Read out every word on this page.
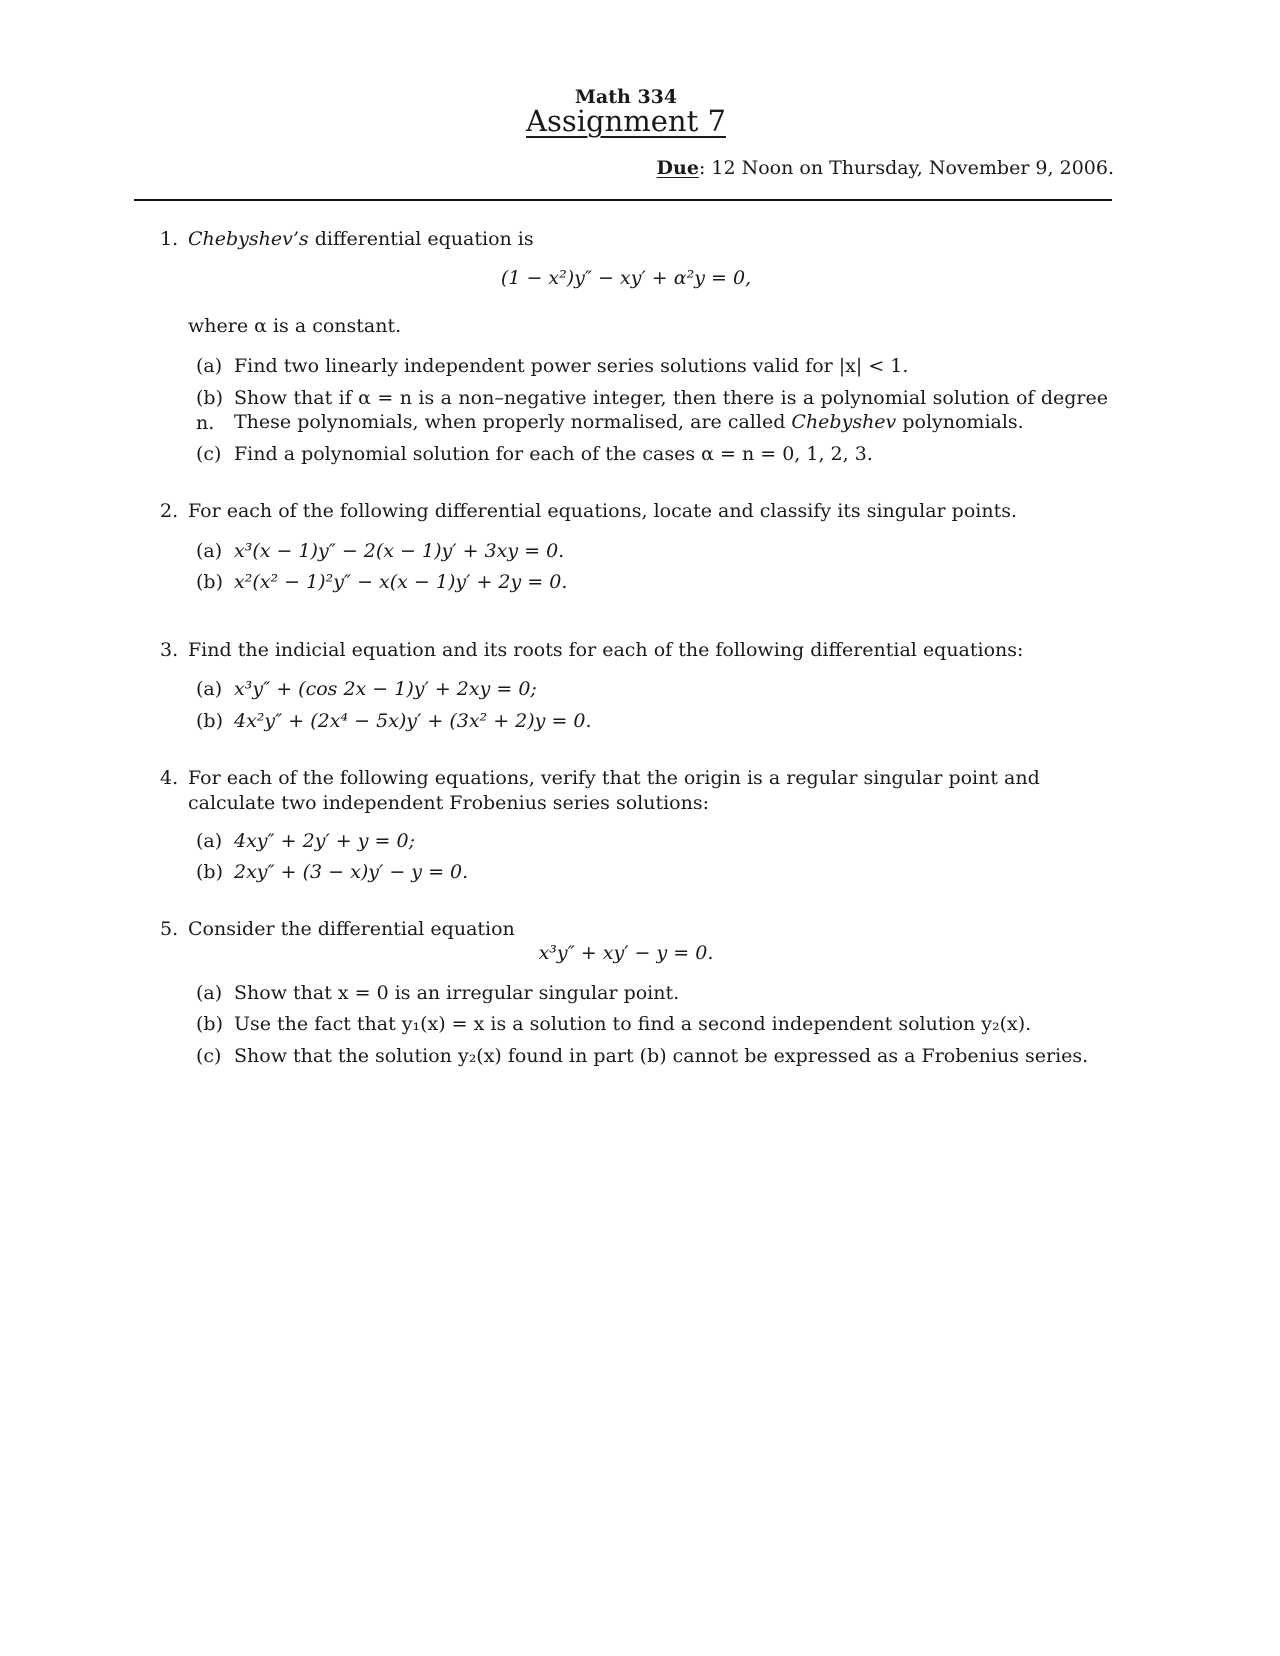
Math 334
Assignment 7
Due: 12 Noon on Thursday, November 9, 2006.
1. Chebyshev’s differential equation is
(1 − x²)y″ − xy′ + α²y = 0,
where α is a constant.
(a) Find two linearly independent power series solutions valid for |x| < 1.
(b) Show that if α = n is a non–negative integer, then there is a polynomial solution of degree n.	These polynomials, when properly normalised, are called Chebyshev polynomials.
(c) Find a polynomial solution for each of the cases α = n = 0, 1, 2, 3.
2. For each of the following differential equations, locate and classify its singular points.
(a) x³(x − 1)y″ − 2(x − 1)y′ + 3xy = 0.
(b) x²(x² − 1)²y″ − x(x − 1)y′ + 2y = 0.
3. Find the indicial equation and its roots for each of the following differential equations:
(a) x³y″ + (cos 2x − 1)y′ + 2xy = 0;
(b) 4x²y″ + (2x⁴ − 5x)y′ + (3x² + 2)y = 0.
4. For each of the following equations, verify that the origin is a regular singular point and calculate two independent Frobenius series solutions:
(a) 4xy″ + 2y′ + y = 0;
(b) 2xy″ + (3 − x)y′ − y = 0.
5. Consider the differential equation
x³y″ + xy′ − y = 0.
(a) Show that x = 0 is an irregular singular point.
(b) Use the fact that y₁(x) = x is a solution to find a second independent solution y₂(x).
(c) Show that the solution y₂(x) found in part (b) cannot be expressed as a Frobenius series.
